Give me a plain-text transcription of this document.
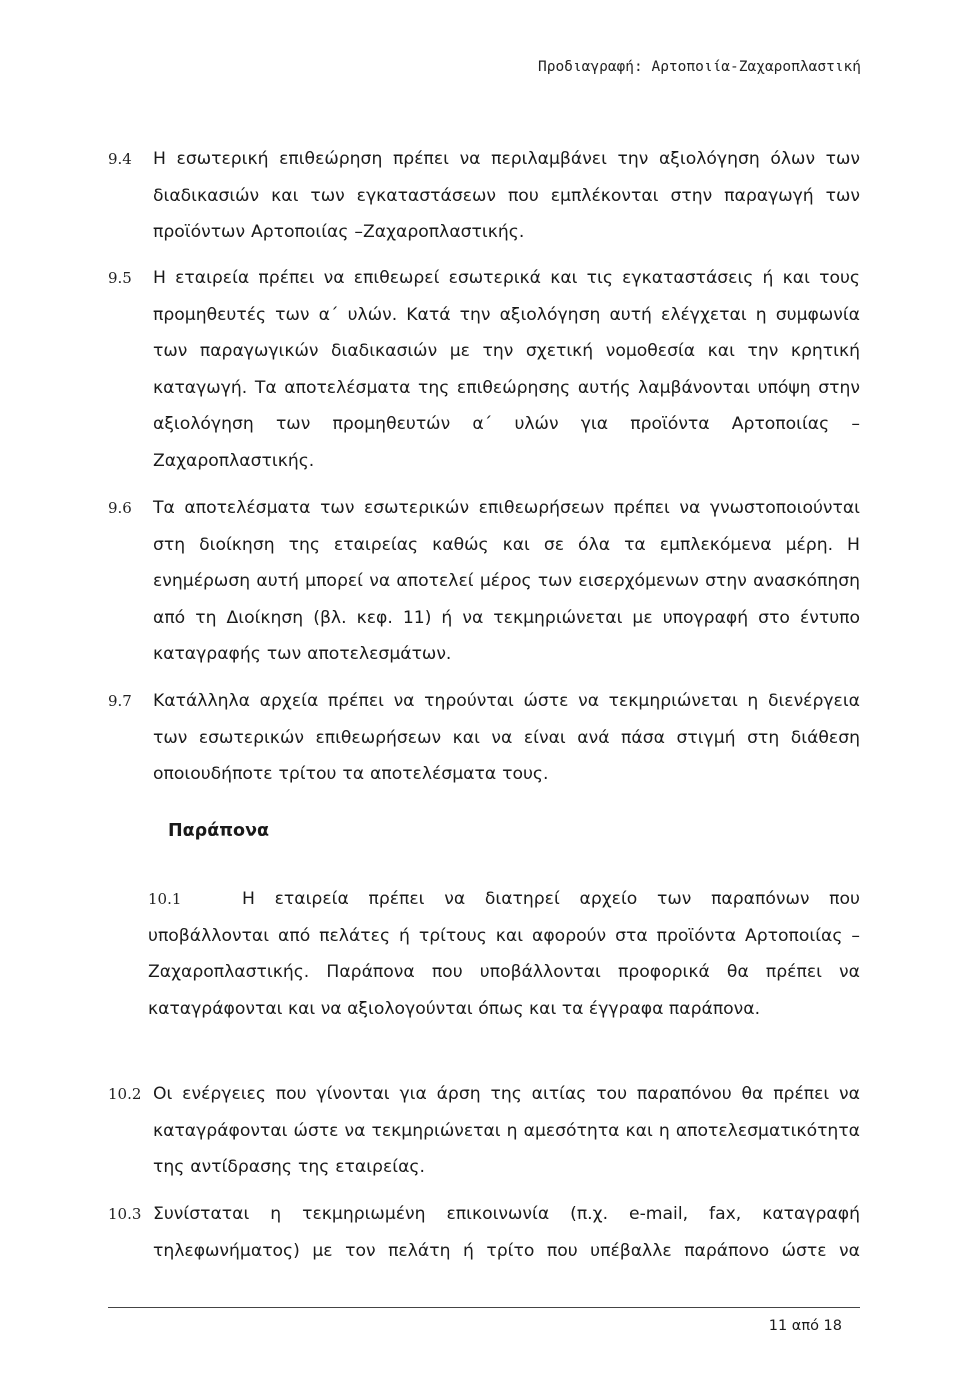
Προδιαγραφή: Αρτοποιία-Ζαχαροπλαστική
9.4 Η εσωτερική επιθεώρηση πρέπει να περιλαμβάνει την αξιολόγηση όλων των διαδικασιών και των εγκαταστάσεων που εμπλέκονται στην παραγωγή των προϊόντων Αρτοποιίας –Ζαχαροπλαστικής.
9.5 Η εταιρεία πρέπει να επιθεωρεί εσωτερικά και τις εγκαταστάσεις ή και τους προμηθευτές των α΄ υλών. Κατά την αξιολόγηση αυτή ελέγχεται η συμφωνία των παραγωγικών διαδικασιών με την σχετική νομοθεσία και την κρητική καταγωγή. Τα αποτελέσματα της επιθεώρησης αυτής λαμβάνονται υπόψη στην αξιολόγηση των προμηθευτών α΄ υλών για προϊόντα Αρτοποιίας –Ζαχαροπλαστικής.
9.6 Τα αποτελέσματα των εσωτερικών επιθεωρήσεων πρέπει να γνωστοποιούνται στη διοίκηση της εταιρείας καθώς και σε όλα τα εμπλεκόμενα μέρη. Η ενημέρωση αυτή μπορεί να αποτελεί μέρος των εισερχόμενων στην ανασκόπηση από τη Διοίκηση (βλ. κεφ. 11) ή να τεκμηριώνεται με υπογραφή στο έντυπο καταγραφής των αποτελεσμάτων.
9.7 Κατάλληλα αρχεία πρέπει να τηρούνται ώστε να τεκμηριώνεται η διενέργεια των εσωτερικών επιθεωρήσεων και να είναι ανά πάσα στιγμή στη διάθεση οποιουδήποτε τρίτου τα αποτελέσματα τους.
Παράπονα
10.1	Η εταιρεία πρέπει να διατηρεί αρχείο των παραπόνων που υποβάλλονται από πελάτες ή τρίτους και αφορούν στα προϊόντα Αρτοποιίας –Ζαχαροπλαστικής. Παράπονα που υποβάλλονται προφορικά θα πρέπει να καταγράφονται και να αξιολογούνται όπως και τα έγγραφα παράπονα.
10.2 Οι ενέργειες που γίνονται για άρση της αιτίας του παραπόνου θα πρέπει να καταγράφονται ώστε να τεκμηριώνεται η αμεσότητα και η αποτελεσματικότητα της αντίδρασης της εταιρείας.
10.3 Συνίσταται η τεκμηριωμένη επικοινωνία (π.χ. e-mail, fax, καταγραφή τηλεφωνήματος) με τον πελάτη ή τρίτο που υπέβαλλε παράπονο ώστε να
11 από 18
